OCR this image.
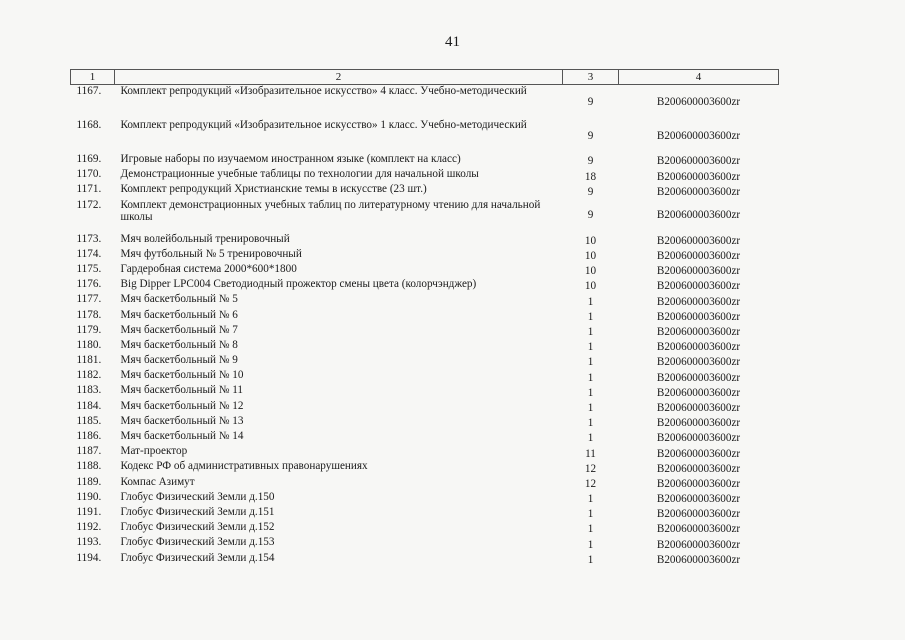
41
1	2	3	4
1167.	Комплект репродукций «Изобразительное искусство» 4 класс. Учебно-методический	9	В200600003600zr
1168.	Комплект репродукций «Изобразительное искусство» 1 класс. Учебно-методический	9	В200600003600zr
1169.	Игровые наборы по изучаемом иностранном языке (комплект на класс)	9	В200600003600zr
1170.	Демонстрационные учебные таблицы по технологии для начальной школы	18	В200600003600zr
1171.	Комплект репродукций Христианские темы в искусстве (23 шт.)	9	В200600003600zr
1172.	Комплект демонстрационных учебных таблиц по литературному чтению для начальной школы	9	В200600003600zr
1173.	Мяч волейбольный тренировочный	10	В200600003600zr
1174.	Мяч футбольный № 5 тренировочный	10	В200600003600zr
1175.	Гардеробная система 2000*600*1800	10	В200600003600zr
1176.	Big Dipper LPC004 Светодиодный прожектор смены цвета (колорчэнджер)	10	В200600003600zr
1177.	Мяч баскетбольный № 5	1	В200600003600zr
1178.	Мяч баскетбольный № 6	1	В200600003600zr
1179.	Мяч баскетбольный № 7	1	В200600003600zr
1180.	Мяч баскетбольный № 8	1	В200600003600zr
1181.	Мяч баскетбольный № 9	1	В200600003600zr
1182.	Мяч баскетбольный № 10	1	В200600003600zr
1183.	Мяч баскетбольный № 11	1	В200600003600zr
1184.	Мяч баскетбольный № 12	1	В200600003600zr
1185.	Мяч баскетбольный № 13	1	В200600003600zr
1186.	Мяч баскетбольный № 14	1	В200600003600zr
1187.	Мат-проектор	11	В200600003600zr
1188.	Кодекс РФ об административных правонарушениях	12	В200600003600zr
1189.	Компас Азимут	12	В200600003600zr
1190.	Глобус Физический Земли д.150	1	В200600003600zr
1191.	Глобус Физический Земли д.151	1	В200600003600zr
1192.	Глобус Физический Земли д.152	1	В200600003600zr
1193.	Глобус Физический Земли д.153	1	В200600003600zr
1194.	Глобус Физический Земли д.154	1	В200600003600zr
